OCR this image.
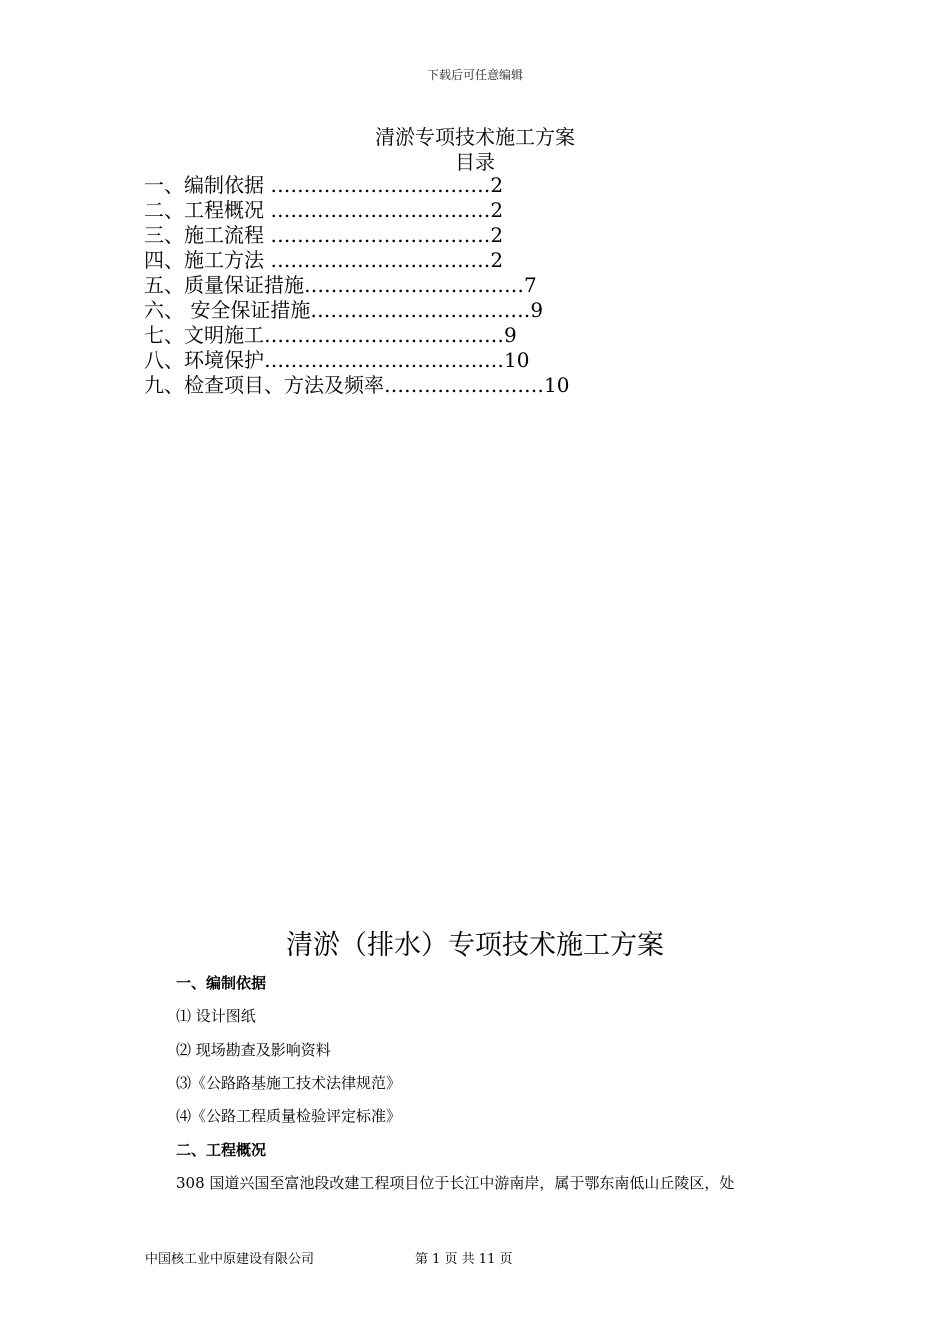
下载后可任意编辑
清淤专项技术施工方案
目录
一、编制依据 ……………………………2
二、工程概况 ……………………………2
三、施工流程 ……………………………2
四、施工方法 ……………………………2
五、质量保证措施……………………………7
六、 安全保证措施……………………………9
七、文明施工………………………………9
八、环境保护………………………………10
九、检查项目、方法及频率……………………10
清淤（排水）专项技术施工方案
一、编制依据
⑴ 设计图纸
⑵ 现场勘查及影响资料
⑶《公路路基施工技术法律规范》
⑷《公路工程质量检验评定标准》
二、工程概况
308 国道兴国至富池段改建工程项目位于长江中游南岸，属于鄂东南低山丘陵区，处
中国核工业中原建设有限公司	第 1 页 共 11 页
